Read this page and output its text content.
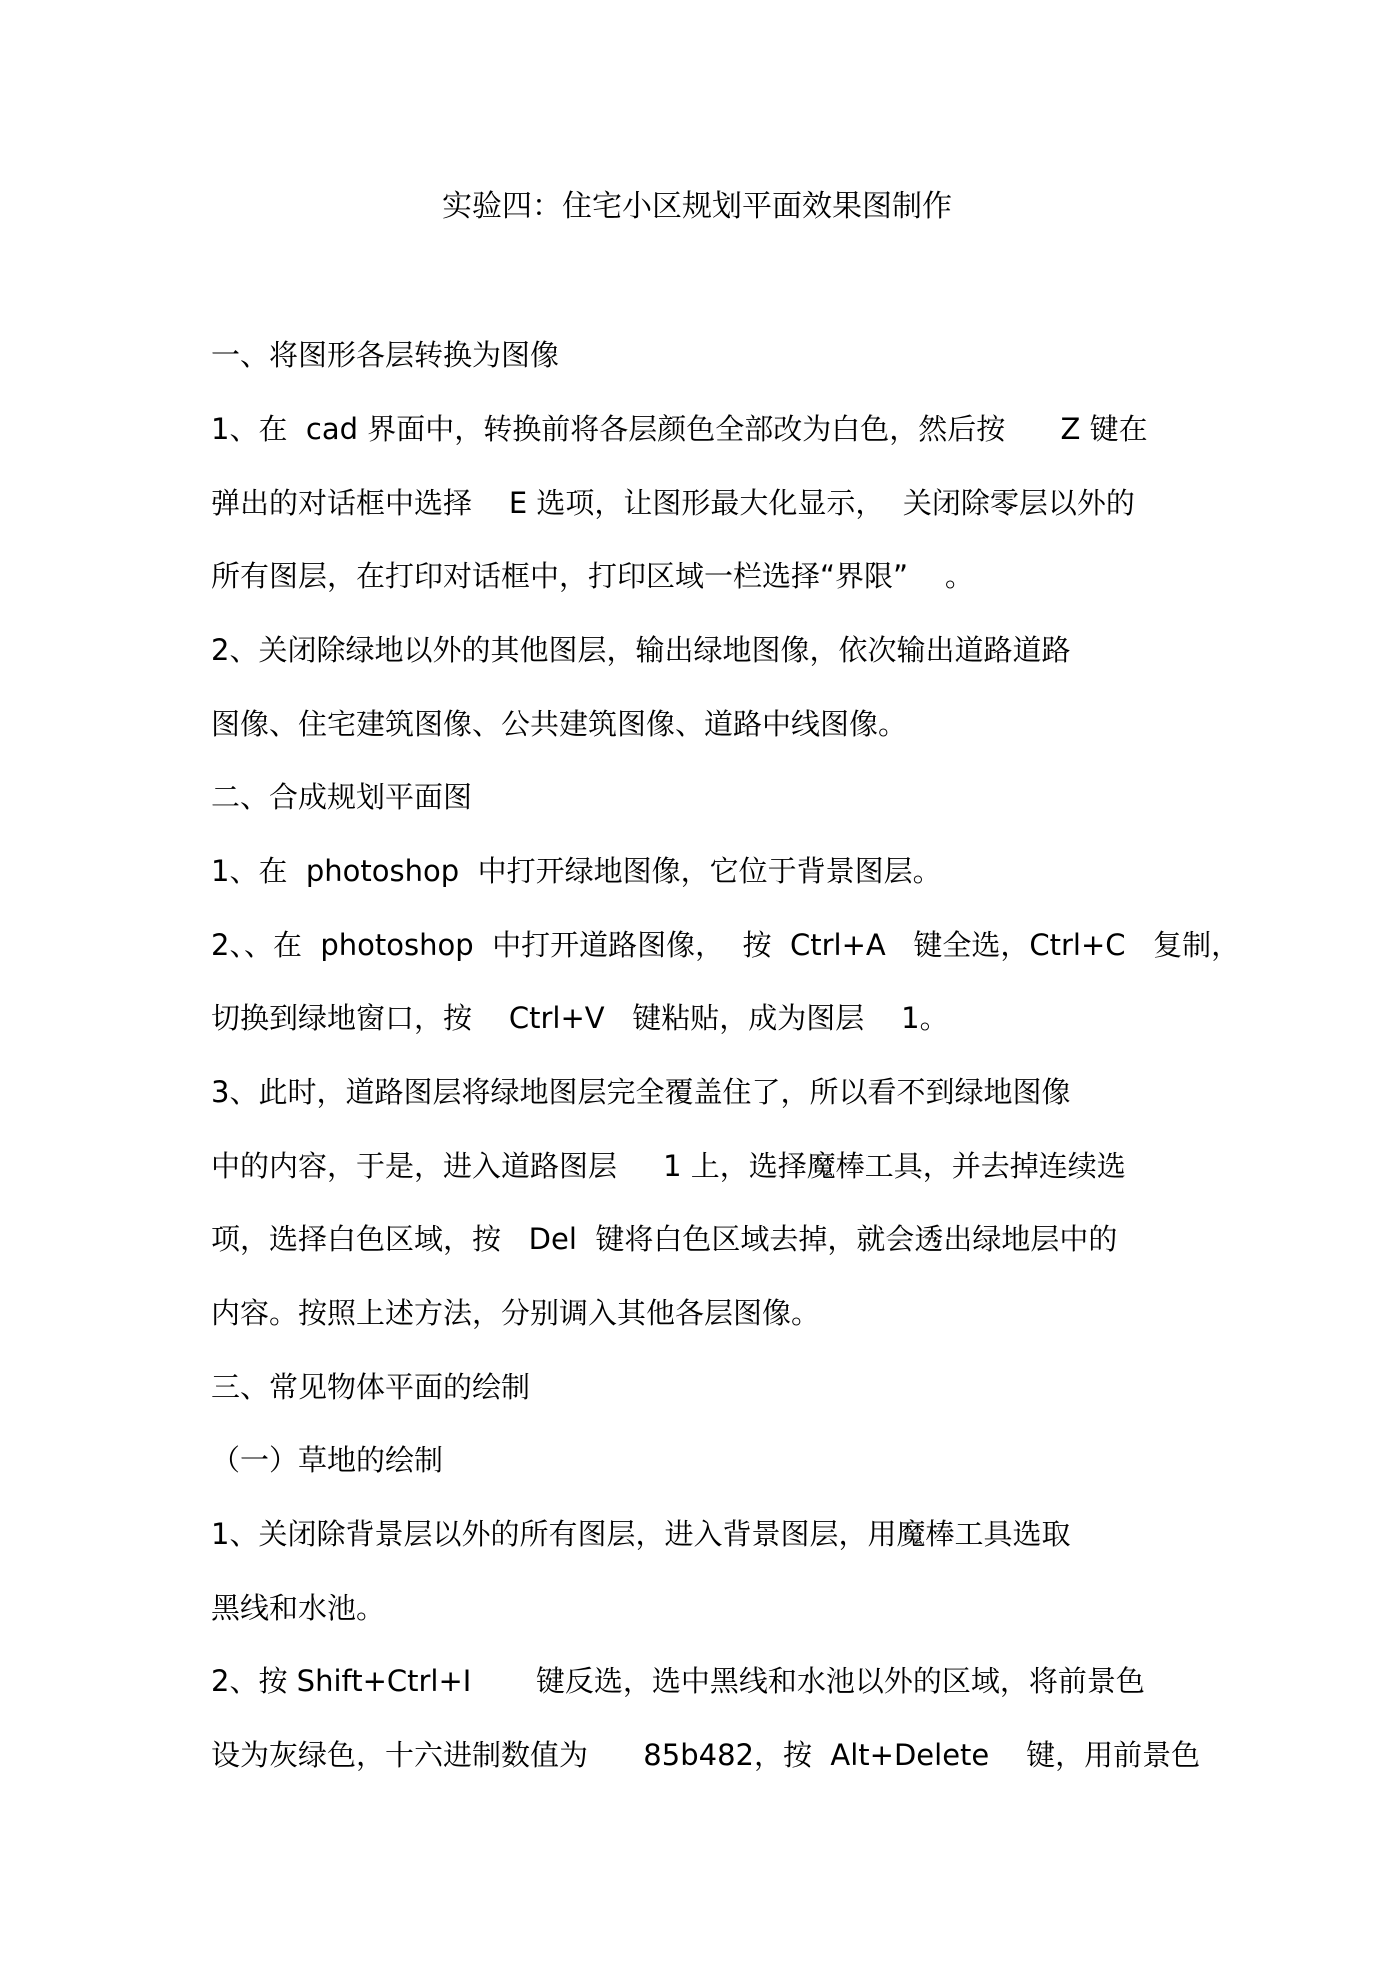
实验四：住宅小区规划平面效果图制作
一、将图形各层转换为图像
1、在  cad 界面中，转换前将各层颜色全部改为白色，然后按      Z 键在
弹出的对话框中选择    E 选项，让图形最大化显示，  关闭除零层以外的
所有图层，在打印对话框中，打印区域一栏选择“界限”    。
2、关闭除绿地以外的其他图层，输出绿地图像，依次输出道路道路
图像、住宅建筑图像、公共建筑图像、道路中线图像。
二、合成规划平面图
1、在  photoshop  中打开绿地图像，它位于背景图层。
2、、在  photoshop  中打开道路图像，  按  Ctrl+A   键全选，Ctrl+C   复制，
切换到绿地窗口，按    Ctrl+V   键粘贴，成为图层    1。
3、此时，道路图层将绿地图层完全覆盖住了，所以看不到绿地图像
中的内容，于是，进入道路图层     1 上，选择魔棒工具，并去掉连续选
项，选择白色区域，按   Del  键将白色区域去掉，就会透出绿地层中的
内容。按照上述方法，分别调入其他各层图像。
三、常见物体平面的绘制
（一）草地的绘制
1、关闭除背景层以外的所有图层，进入背景图层，用魔棒工具选取
黑线和水池。
2、按 Shift+Ctrl+I       键反选，选中黑线和水池以外的区域，将前景色
设为灰绿色，十六进制数值为      85b482，按  Alt+Delete    键，用前景色
